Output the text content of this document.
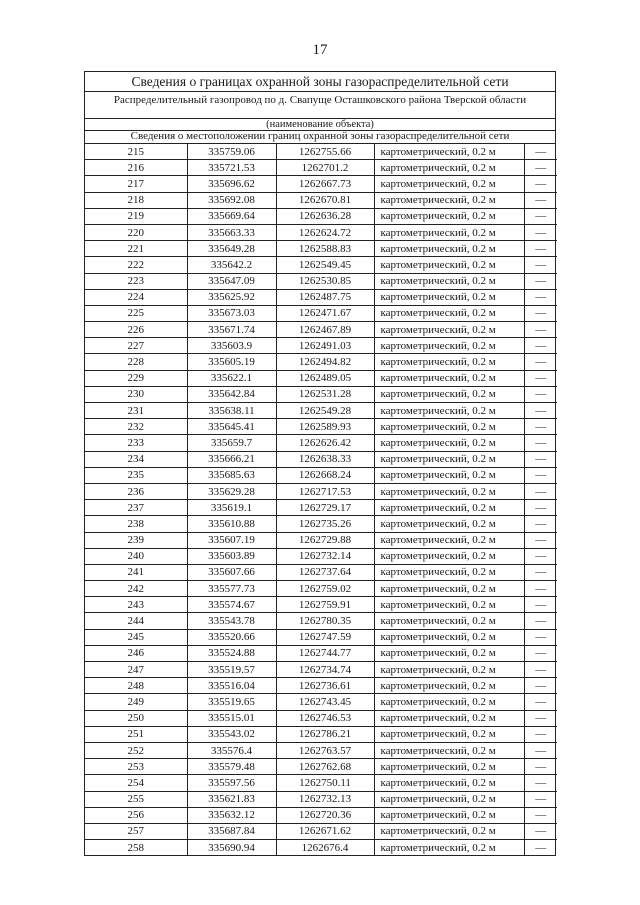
17
Сведения о границах охранной зоны газораспределительной сети
Распределительный газопровод по д. Свапуще Осташковского района Тверской области
(наименование объекта)
Сведения о местоположении границ охранной зоны газораспределительной сети
215	335759.06	1262755.66	картометрический, 0.2 м	—
216	335721.53	1262701.2	картометрический, 0.2 м	—
217	335696.62	1262667.73	картометрический, 0.2 м	—
218	335692.08	1262670.81	картометрический, 0.2 м	—
219	335669.64	1262636.28	картометрический, 0.2 м	—
220	335663.33	1262624.72	картометрический, 0.2 м	—
221	335649.28	1262588.83	картометрический, 0.2 м	—
222	335642.2	1262549.45	картометрический, 0.2 м	—
223	335647.09	1262530.85	картометрический, 0.2 м	—
224	335625.92	1262487.75	картометрический, 0.2 м	—
225	335673.03	1262471.67	картометрический, 0.2 м	—
226	335671.74	1262467.89	картометрический, 0.2 м	—
227	335603.9	1262491.03	картометрический, 0.2 м	—
228	335605.19	1262494.82	картометрический, 0.2 м	—
229	335622.1	1262489.05	картометрический, 0.2 м	—
230	335642.84	1262531.28	картометрический, 0.2 м	—
231	335638.11	1262549.28	картометрический, 0.2 м	—
232	335645.41	1262589.93	картометрический, 0.2 м	—
233	335659.7	1262626.42	картометрический, 0.2 м	—
234	335666.21	1262638.33	картометрический, 0.2 м	—
235	335685.63	1262668.24	картометрический, 0.2 м	—
236	335629.28	1262717.53	картометрический, 0.2 м	—
237	335619.1	1262729.17	картометрический, 0.2 м	—
238	335610.88	1262735.26	картометрический, 0.2 м	—
239	335607.19	1262729.88	картометрический, 0.2 м	—
240	335603.89	1262732.14	картометрический, 0.2 м	—
241	335607.66	1262737.64	картометрический, 0.2 м	—
242	335577.73	1262759.02	картометрический, 0.2 м	—
243	335574.67	1262759.91	картометрический, 0.2 м	—
244	335543.78	1262780.35	картометрический, 0.2 м	—
245	335520.66	1262747.59	картометрический, 0.2 м	—
246	335524.88	1262744.77	картометрический, 0.2 м	—
247	335519.57	1262734.74	картометрический, 0.2 м	—
248	335516.04	1262736.61	картометрический, 0.2 м	—
249	335519.65	1262743.45	картометрический, 0.2 м	—
250	335515.01	1262746.53	картометрический, 0.2 м	—
251	335543.02	1262786.21	картометрический, 0.2 м	—
252	335576.4	1262763.57	картометрический, 0.2 м	—
253	335579.48	1262762.68	картометрический, 0.2 м	—
254	335597.56	1262750.11	картометрический, 0.2 м	—
255	335621.83	1262732.13	картометрический, 0.2 м	—
256	335632.12	1262720.36	картометрический, 0.2 м	—
257	335687.84	1262671.62	картометрический, 0.2 м	—
258	335690.94	1262676.4	картометрический, 0.2 м	—
